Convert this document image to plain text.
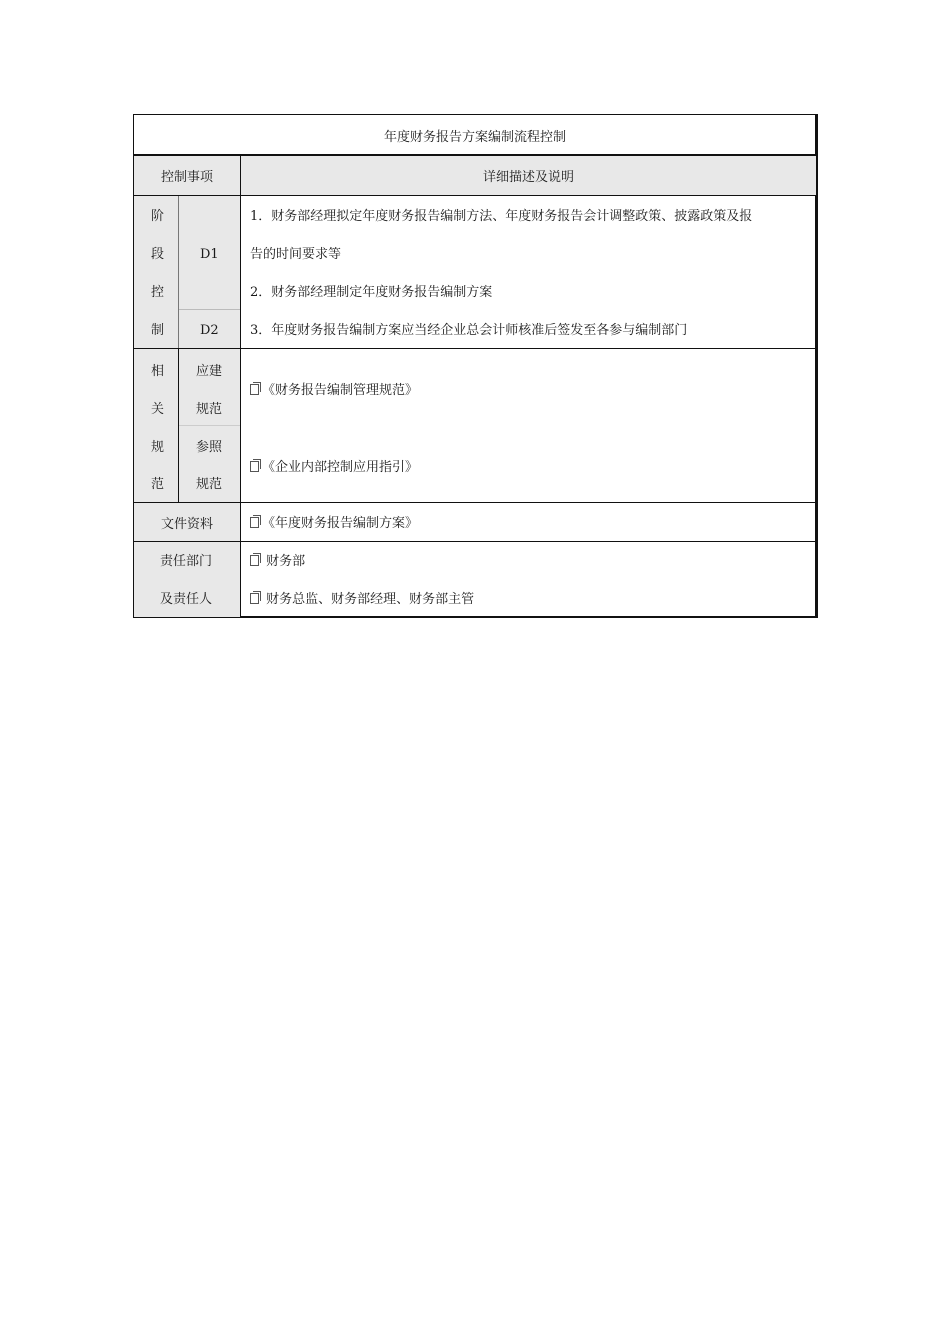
年度财务报告方案编制流程控制
控制事项	详细描述及说明
阶
段
控
制
D1
D2
1．财务部经理拟定年度财务报告编制方法、年度财务报告会计调整政策、披露政策及报
告的时间要求等
2．财务部经理制定年度财务报告编制方案
3．年度财务报告编制方案应当经企业总会计师核准后签发至各参与编制部门
相
关
规
范
应建
规范
参照
规范
《财务报告编制管理规范》
《企业内部控制应用指引》
文件资料	《年度财务报告编制方案》
责任部门
及责任人
财务部
财务总监、财务部经理、财务部主管
